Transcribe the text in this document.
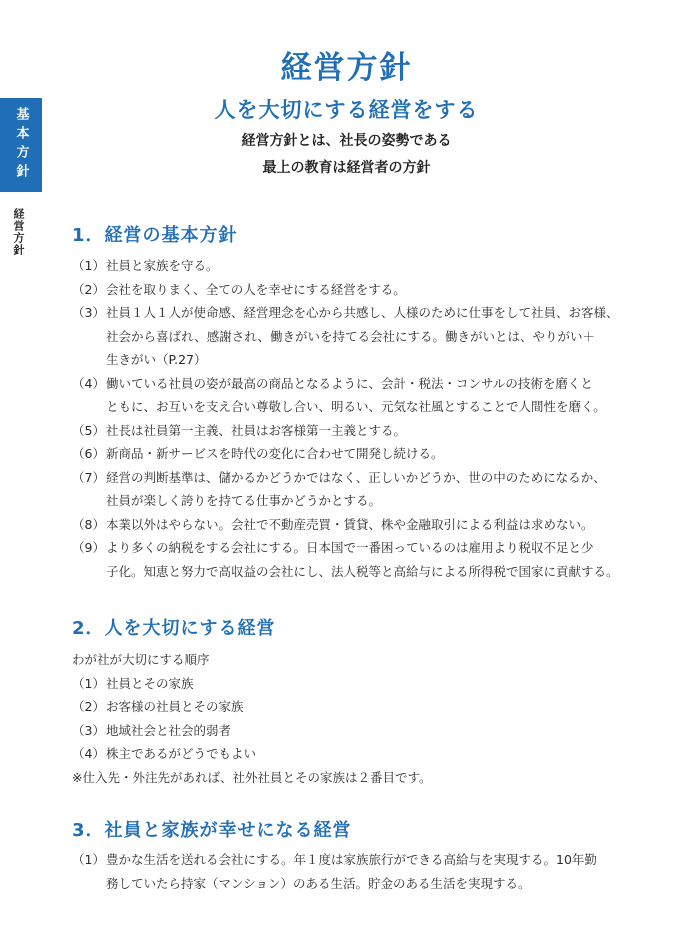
基本方針
経営方針
経営方針
人を大切にする経営をする
経営方針とは、社長の姿勢である
最上の教育は経営者の方針
1．経営の基本方針
（1） 社員と家族を守る。
（2） 会社を取りまく、全ての人を幸せにする経営をする。
（3） 社員１人１人が使命感、経営理念を心から共感し、人様のために仕事をして社員、お客様、
社会から喜ばれ、感謝され、働きがいを持てる会社にする。働きがいとは、やりがい＋
生きがい（P.27）
（4） 働いている社員の姿が最高の商品となるように、会計・税法・コンサルの技術を磨くと
ともに、お互いを支え合い尊敬し合い、明るい、元気な社風とすることで人間性を磨く。
（5） 社長は社員第一主義、社員はお客様第一主義とする。
（6） 新商品・新サービスを時代の変化に合わせて開発し続ける。
（7） 経営の判断基準は、儲かるかどうかではなく、正しいかどうか、世の中のためになるか、
社員が楽しく誇りを持てる仕事かどうかとする。
（8） 本業以外はやらない。会社で不動産売買・賃貸、株や金融取引による利益は求めない。
（9） より多くの納税をする会社にする。日本国で一番困っているのは雇用より税収不足と少
子化。知恵と努力で高収益の会社にし、法人税等と高給与による所得税で国家に貢献する。
2．人を大切にする経営
わが社が大切にする順序
（1） 社員とその家族
（2） お客様の社員とその家族
（3） 地域社会と社会的弱者
（4） 株主であるがどうでもよい
※仕入先・外注先があれば、社外社員とその家族は２番目です。
3．社員と家族が幸せになる経営
（1） 豊かな生活を送れる会社にする。年１度は家族旅行ができる高給与を実現する。10年勤
務していたら持家（マンション）のある生活。貯金のある生活を実現する。
